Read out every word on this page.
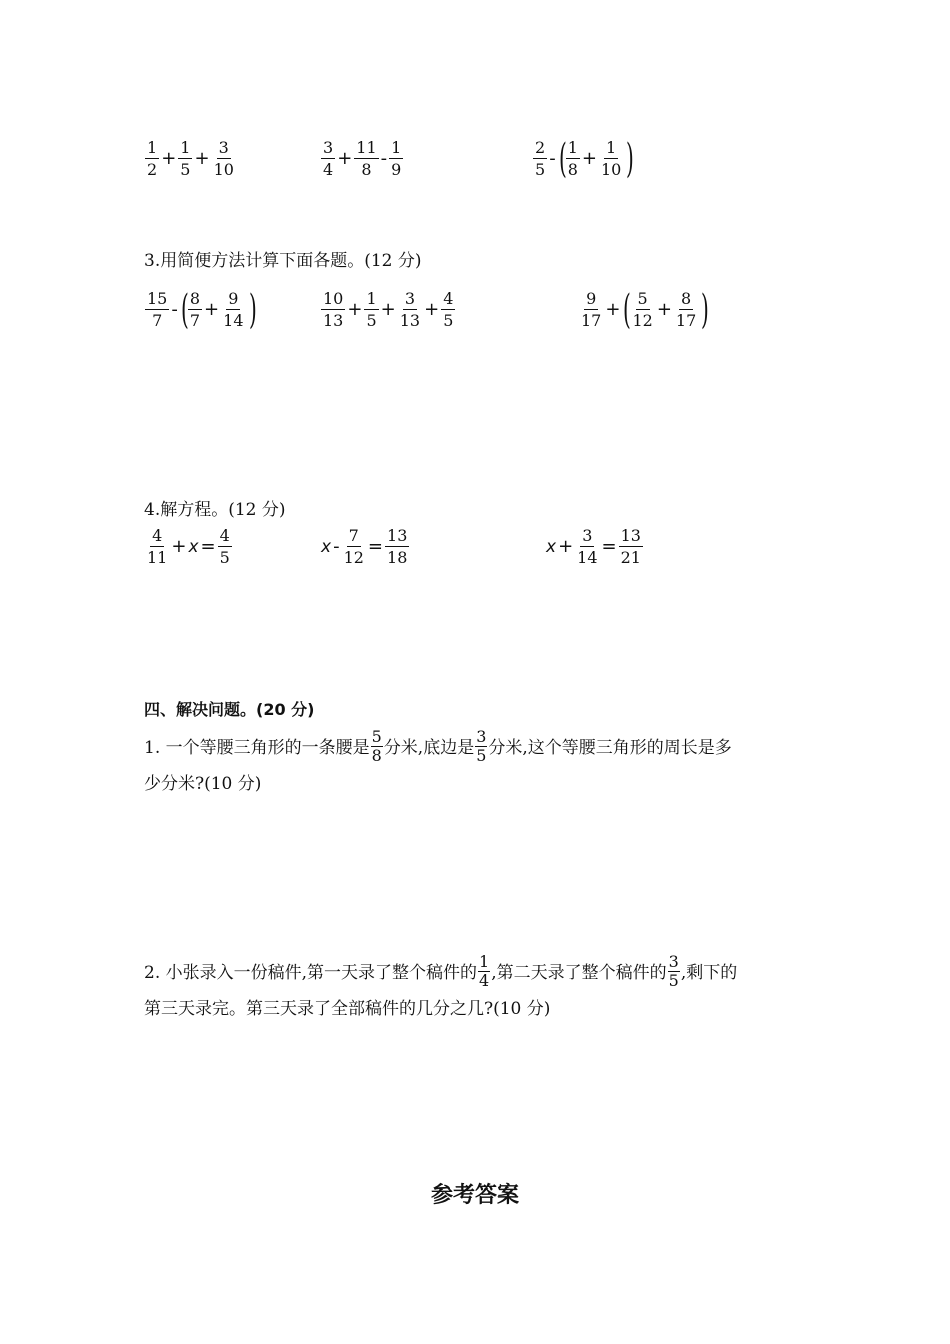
$\frac{1}{2} + \frac{1}{5} + \frac{3}{10}$	$\frac{3}{4} + \frac{11}{8} - \frac{1}{9}$	$\frac{2}{5}$ - ( $\frac{1}{8} + \frac{1}{10}$ )
3.用简便方法计算下面各题。(12 分)
$\frac{15}{7}$ - ( $\frac{8}{7} + \frac{9}{14}$ )	$\frac{10}{13} + \frac{1}{5} + \frac{3}{13} + \frac{4}{5}$	$\frac{9}{17}$ + ( $\frac{5}{12} + \frac{8}{17}$ )
4.解方程。(12 分)
$\frac{4}{11} + x = \frac{4}{5}$	$x - \frac{7}{12} = \frac{13}{18}$	$x + \frac{3}{14} = \frac{13}{21}$
四、解决问题。(20 分)
1. 一个等腰三角形的一条腰是 $\frac{5}{8}$ 分米,底边是 $\frac{3}{5}$ 分米,这个等腰三角形的周长是多
少分米?(10 分)
2. 小张录入一份稿件,第一天录了整个稿件的 $\frac{1}{4}$ ,第二天录了整个稿件的 $\frac{3}{5}$ ,剩下的
第三天录完。第三天录了全部稿件的几分之几?(10 分)
参考答案
